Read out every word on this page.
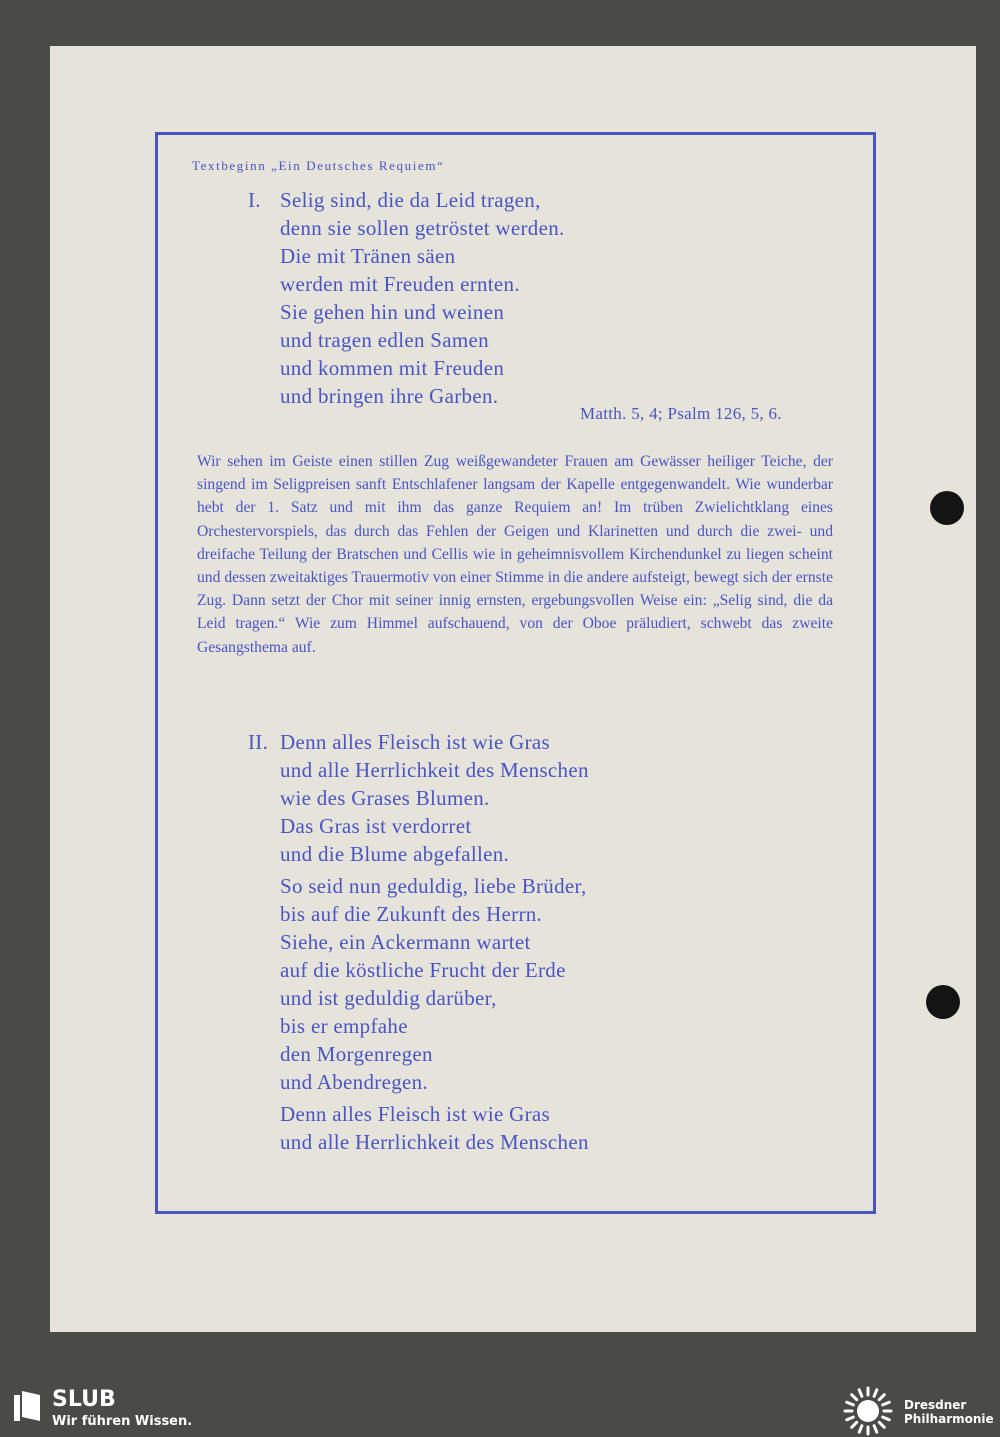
Textbeginn „Ein Deutsches Requiem“
I. Selig sind, die da Leid tragen,
denn sie sollen getröstet werden.
Die mit Tränen säen
werden mit Freuden ernten.
Sie gehen hin und weinen
und tragen edlen Samen
und kommen mit Freuden
und bringen ihre Garben.
Matth. 5, 4; Psalm 126, 5, 6.
Wir sehen im Geiste einen stillen Zug weißgewandeter Frauen am Gewässer heiliger Teiche, der singend im Seligpreisen sanft Entschlafener langsam der Kapelle entgegenwandelt. Wie wunderbar hebt der 1. Satz und mit ihm das ganze Requiem an! Im trüben Zwielichtklang eines Orchestervorspiels, das durch das Fehlen der Geigen und Klarinetten und durch die zwei- und dreifache Teilung der Bratschen und Cellis wie in geheimnisvollem Kirchendunkel zu liegen scheint und dessen zweitaktiges Trauermotiv von einer Stimme in die andere aufsteigt, bewegt sich der ernste Zug. Dann setzt der Chor mit seiner innig ernsten, ergebungsvollen Weise ein: „Selig sind, die da Leid tragen.“ Wie zum Himmel aufschauend, von der Oboe präludiert, schwebt das zweite Gesangsthema auf.
II. Denn alles Fleisch ist wie Gras
und alle Herrlichkeit des Menschen
wie des Grases Blumen.
Das Gras ist verdorret
und die Blume abgefallen.
So seid nun geduldig, liebe Brüder,
bis auf die Zukunft des Herrn.
Siehe, ein Ackermann wartet
auf die köstliche Frucht der Erde
und ist geduldig darüber,
bis er empfahe
den Morgenregen
und Abendregen.
Denn alles Fleisch ist wie Gras
und alle Herrlichkeit des Menschen
SLUB
Wir führen Wissen.
Dresdner
Philharmonie
